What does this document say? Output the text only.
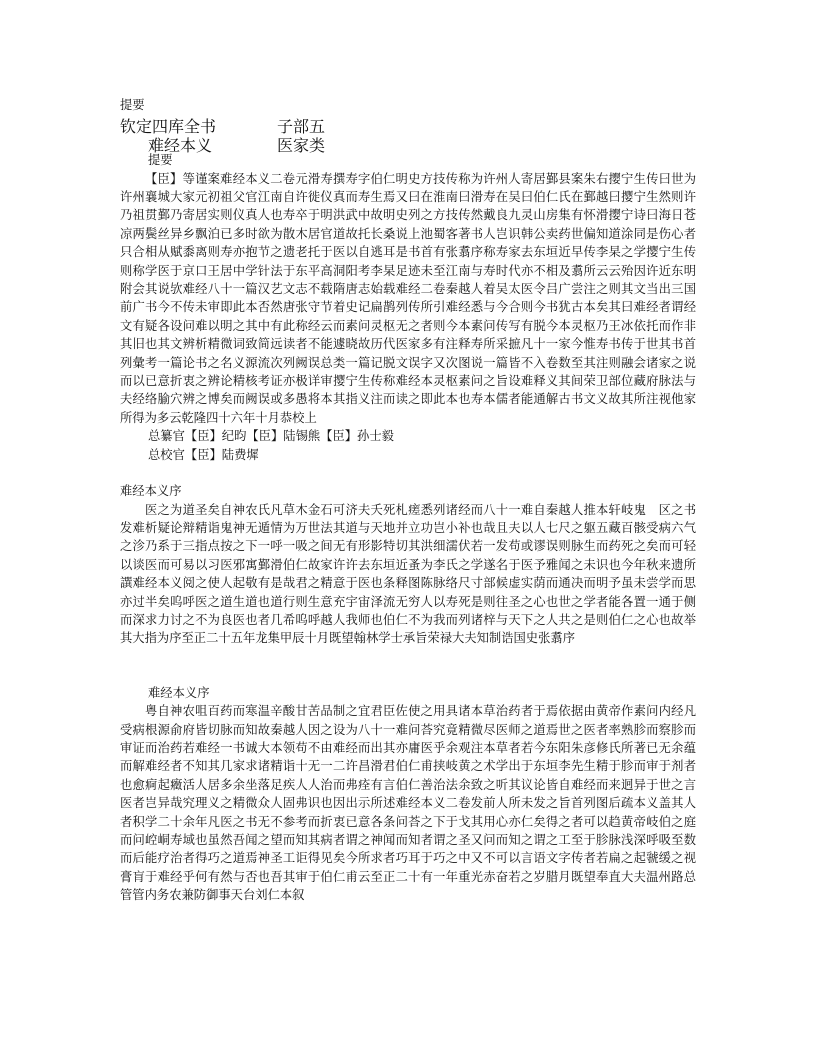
提要
钦定四库全书	子部五
难经本义	医家类
提要

【臣】等谨案难经本义二卷元滑寿撰寿字伯仁明史方技传称为许州人寄居鄞县案朱右撄宁生传曰世为许州襄城大家元初祖父官江南自许徙仪真而寿生焉又曰在淮南曰滑寿在吴曰伯仁氏在鄞越曰撄宁生然则许乃祖贯鄞乃寄居实则仪真人也寿卒于明洪武中故明史列之方技传然戴良九灵山房集有怀滑撄宁诗曰海日苍凉两鬓丝异乡飘泊已多时欲为散木居官道故托长桑说上池蜀客著书人岂识韩公卖药世偏知道涂同是伤心者只合相从赋黍离则寿亦抱节之遗老托于医以自逃耳是书首有张翥序称寿家去东垣近早传李杲之学撄宁生传则称学医于京口王居中学针法于东平高洞阳考李杲足迹未至江南与寿时代亦不相及翥所云云殆因许近东明附会其说欤难经八十一篇汉艺文志不载隋唐志始载难经二卷秦越人着吴太医令吕广尝注之则其文当出三国前广书今不传未审即此本否然唐张守节着史记扁鹊列传所引难经悉与今合则今书犹古本矣其曰难经者谓经文有疑各设问难以明之其中有此称经云而素问灵枢无之者则今本素问传写有脱今本灵枢乃王冰依托而作非其旧也其文辨析精微词致简远读者不能遽晓故历代医家多有注释寿所采摭凡十一家今惟寿书传于世其书首列彙考一篇论书之名义源流次列阙误总类一篇记脱文误字又次图说一篇皆不入卷数至其注则融会诸家之说而以已意折衷之辨论精核考证亦极详审撄宁生传称难经本灵枢素问之旨设难释义其间荣卫部位藏府脉法与夫经络腧穴辨之博矣而阙误或多愚将本其指义注而读之即此本也寿本儒者能通解古书文义故其所注视他家所得为多云乾隆四十六年十月恭校上

总纂官【臣】纪昀【臣】陆锡熊【臣】孙士毅
总校官【臣】陆费墀
难经本义序

医之为道圣矣自神农氏凡草木金石可济夫夭死札瘥悉列诸经而八十一难自秦越人推本轩岐鬼　区之书发难析疑论辩精诣鬼神无遁情为万世法其道与天地并立功岂小补也哉且夫以人七尺之躯五藏百骸受病六气之沴乃系于三指点按之下一呼一吸之间无有形影特切其洪细濡伏若一发苟或谬误则脉生而药死之矣而可轻以谈医而可易以习医邪寓鄞滑伯仁故家许许去东垣近蚤为李氏之学遂名于医予雅闻之未识也今年秋来遗所譔难经本义阅之使人起敬有是哉君之精意于医也条释图陈脉络尺寸部候虚实荫而通决而明予虽未尝学而思亦过半矣呜呼医之道生道也道行则生意充宇宙泽流无穷人以寿死是则往圣之心也世之学者能各置一通于侧而深求力讨之不为良医也者几希呜呼越人我师也伯仁不为我而列诸梓与天下之人共之是则伯仁之心也故举其大指为序至正二十五年龙集甲辰十月既望翰林学士承旨荣禄大夫知制诰国史张翥序

难经本义序

粤自神农咀百药而寒温辛酸甘苦品制之宜君臣佐使之用具诸本草治药者于焉依据由黄帝作素问内经凡受病根源俞府皆切脉而知故秦越人因之设为八十一难问荅究竟精微尽医师之道焉世之医者率熟胗而察胗而审证而治药若难经一书诚大本领苟不由难经而出其亦庸医乎余观注本草者若今东阳朱彦修氏所著已无余蕴而解难经者不知其几家求诸精诣十无一二许昌滑君伯仁甫挟岐黄之术学出于东垣李先生精于胗而审于剂者也愈痾起癥活人居多余坐落足疾人人治而弗痊有言伯仁善治法余致之听其议论皆自难经而来迥异于世之言医者岂异哉究理义之精微众人固弗识也因出示所述难经本义二卷发前人所未发之旨首列图后疏本义盖其人者积学二十余年凡医之书无不参考而折衷已意各条问荅之下于戈其用心亦仁矣得之者可以趋黄帝岐伯之庭而问崆峒寿域也虽然吾闻之望而知其病者谓之神闻而知者谓之圣又问而知之谓之工至于胗脉浅深呼吸至数而后能疗治者得巧之道焉神圣工讵得见矣今所求者巧耳于巧之中又不可以言语文字传者若扁之起虢缓之视膏肓于难经乎何有然与否也吾其审于伯仁甫云至正二十有一年重光赤奋若之岁腊月既望奉直大夫温州路总管管内务农兼防御事天台刘仁本叙
